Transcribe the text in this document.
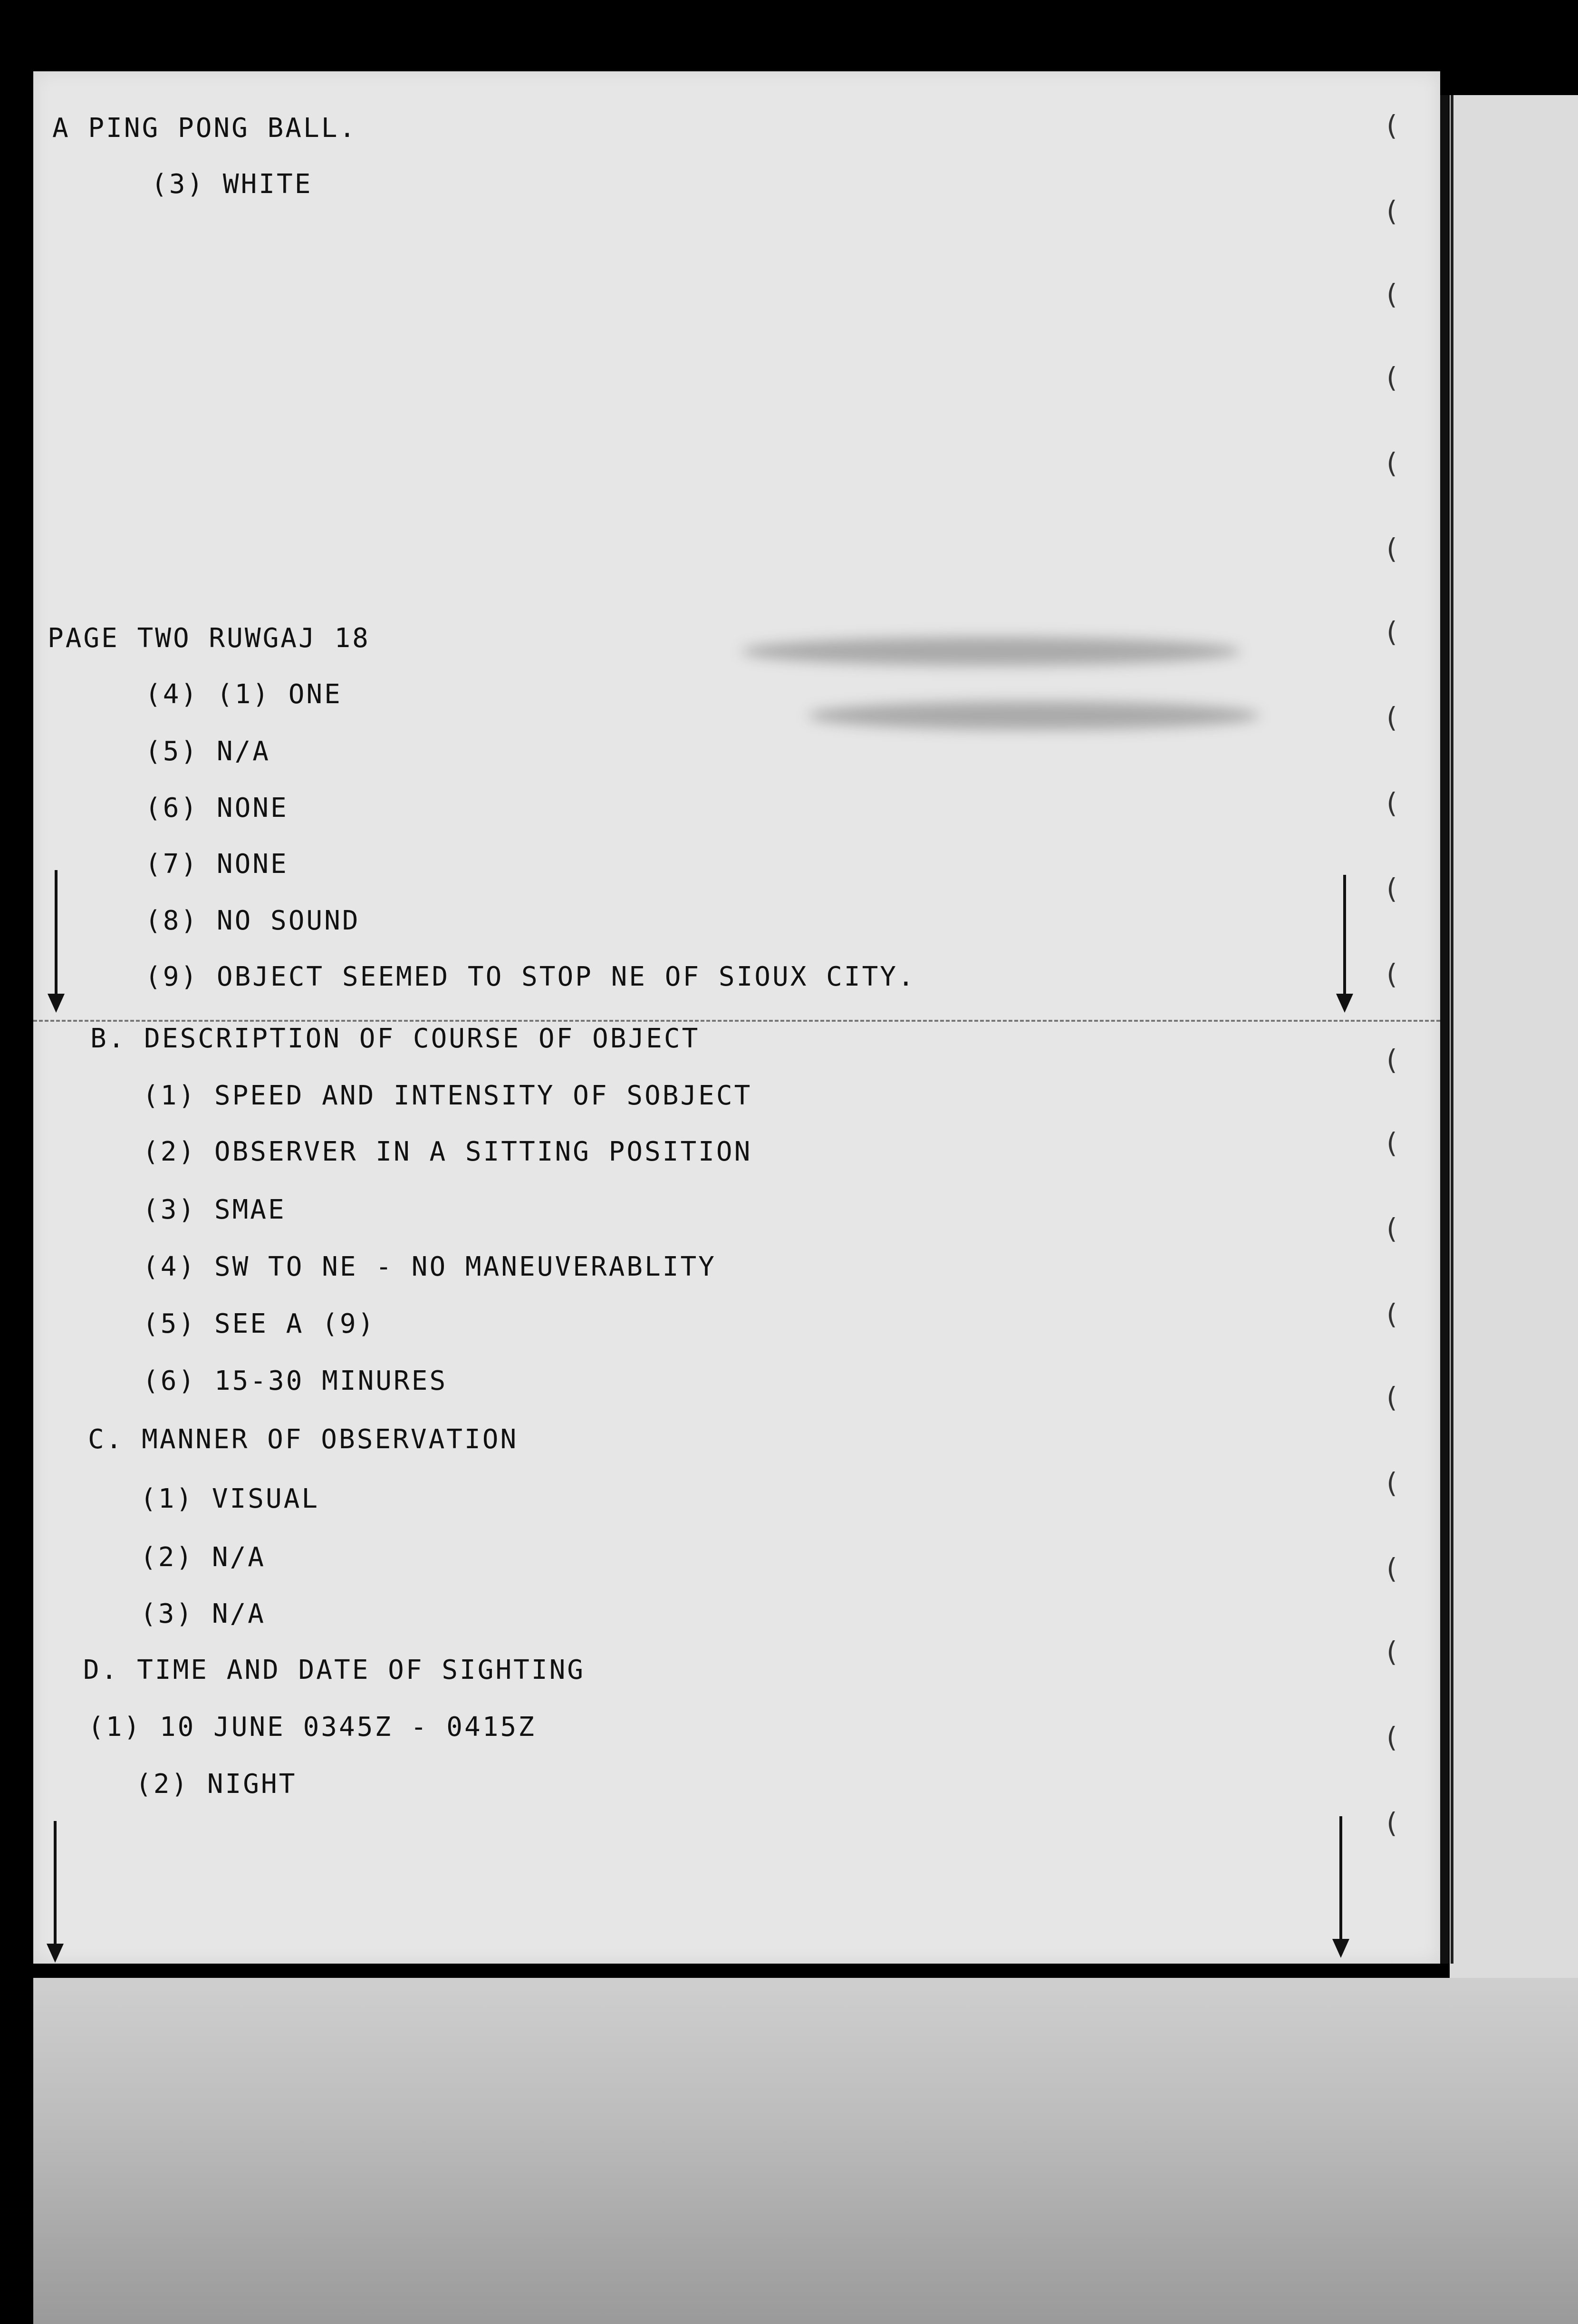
A PING PONG BALL.
(3) WHITE
PAGE TWO RUWGAJ 18
(4) (1) ONE
(5) N/A
(6) NONE
(7) NONE
(8) NO SOUND
(9) OBJECT SEEMED TO STOP NE OF SIOUX CITY.
B. DESCRIPTION OF COURSE OF OBJECT
(1) SPEED AND INTENSITY OF SOBJECT
(2) OBSERVER IN A SITTING POSITION
(3) SMAE
(4) SW TO NE - NO MANEUVERABLITY
(5) SEE A (9)
(6) 15-30 MINURES
C. MANNER OF OBSERVATION
(1) VISUAL
(2) N/A
(3) N/A
D. TIME AND DATE OF SIGHTING
(1) 10 JUNE 0345Z - 0415Z
(2) NIGHT
(
(
(
(
(
(
(
(
(
(
(
(
(
(
(
(
(
(
(
(
(
